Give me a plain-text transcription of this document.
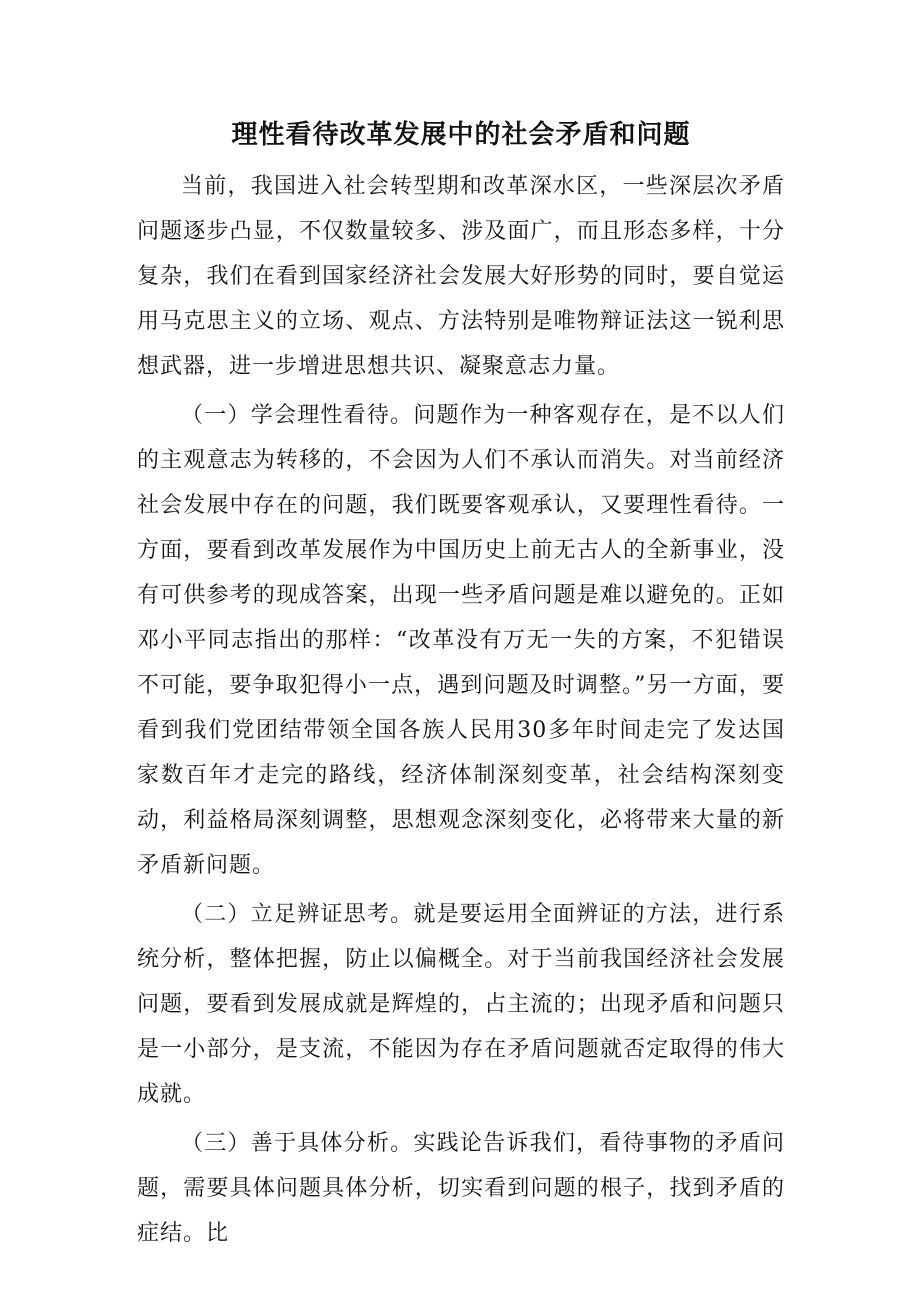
理性看待改革发展中的社会矛盾和问题

当前，我国进入社会转型期和改革深水区，一些深层次矛盾问题逐步凸显，不仅数量较多、涉及面广，而且形态多样，十分复杂，我们在看到国家经济社会发展大好形势的同时，要自觉运用马克思主义的立场、观点、方法特别是唯物辩证法这一锐利思想武器，进一步增进思想共识、凝聚意志力量。

（一）学会理性看待。问题作为一种客观存在，是不以人们的主观意志为转移的，不会因为人们不承认而消失。对当前经济社会发展中存在的问题，我们既要客观承认，又要理性看待。一方面，要看到改革发展作为中国历史上前无古人的全新事业，没有可供参考的现成答案，出现一些矛盾问题是难以避免的。正如邓小平同志指出的那样：“改革没有万无一失的方案，不犯错误不可能，要争取犯得小一点，遇到问题及时调整。”另一方面，要看到我们党团结带领全国各族人民用30多年时间走完了发达国家数百年才走完的路线，经济体制深刻变革，社会结构深刻变动，利益格局深刻调整，思想观念深刻变化，必将带来大量的新矛盾新问题。

（二）立足辨证思考。就是要运用全面辨证的方法，进行系统分析，整体把握，防止以偏概全。对于当前我国经济社会发展问题，要看到发展成就是辉煌的，占主流的；出现矛盾和问题只是一小部分，是支流，不能因为存在矛盾问题就否定取得的伟大成就。

（三）善于具体分析。实践论告诉我们，看待事物的矛盾问题，需要具体问题具体分析，切实看到问题的根子，找到矛盾的症结。比
